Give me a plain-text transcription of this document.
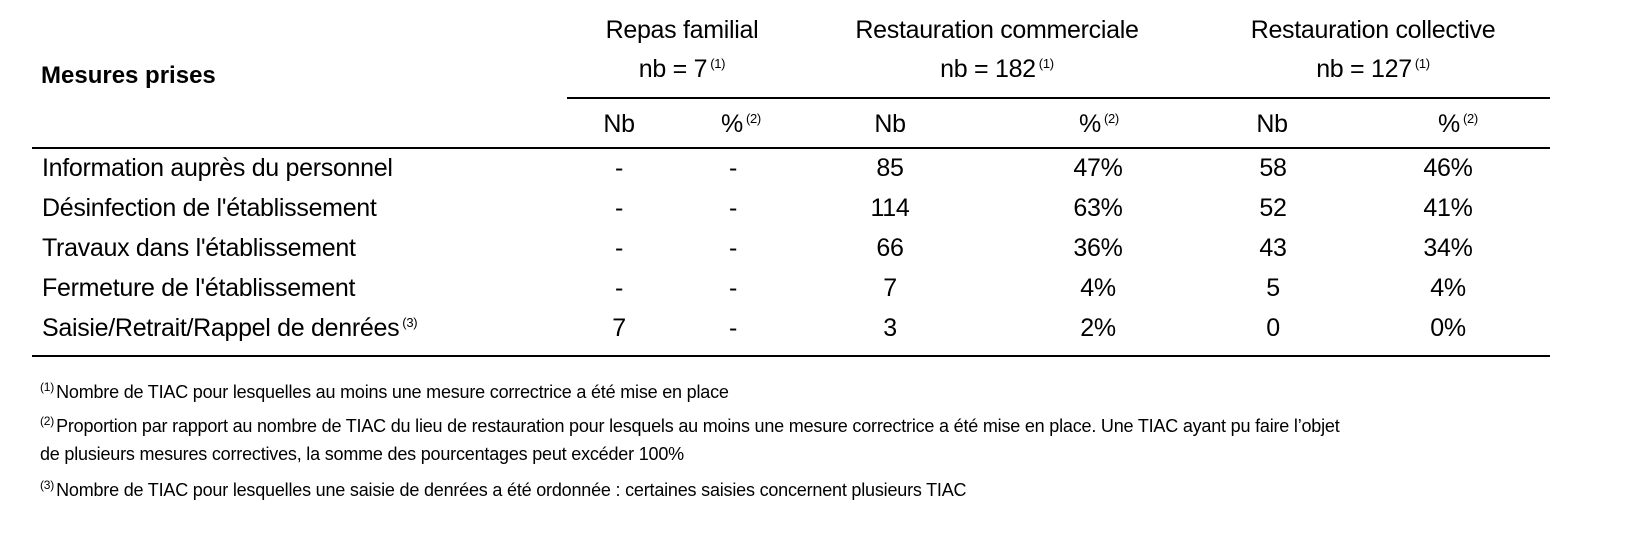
Mesures prises
Repas familial
nb = 7 $^{(1)}$
Restauration commerciale
nb = 182 $^{(1)}$
Restauration collective
nb = 127 $^{(1)}$
Nb	% $^{(2)}$	Nb	% $^{(2)}$	Nb	% $^{(2)}$
Information auprès du personnel	-	-	85	47%	58	46%
Désinfection de l'établissement	-	-	114	63%	52	41%
Travaux dans l'établissement	-	-	66	36%	43	34%
Fermeture de l'établissement	-	-	7	4%	5	4%
Saisie/Retrait/Rappel de denrées $^{(3)}$	7	-	3	2%	0	0%
$^{(1)}$ Nombre de TIAC pour lesquelles au moins une mesure correctrice a été mise en place
$^{(2)}$ Proportion par rapport au nombre de TIAC du lieu de restauration pour lesquels au moins une mesure correctrice a été mise en place. Une TIAC ayant pu faire l’objet
de plusieurs mesures correctives, la somme des pourcentages peut excéder 100%
$^{(3)}$ Nombre de TIAC pour lesquelles une saisie de denrées a été ordonnée : certaines saisies concernent plusieurs TIAC
